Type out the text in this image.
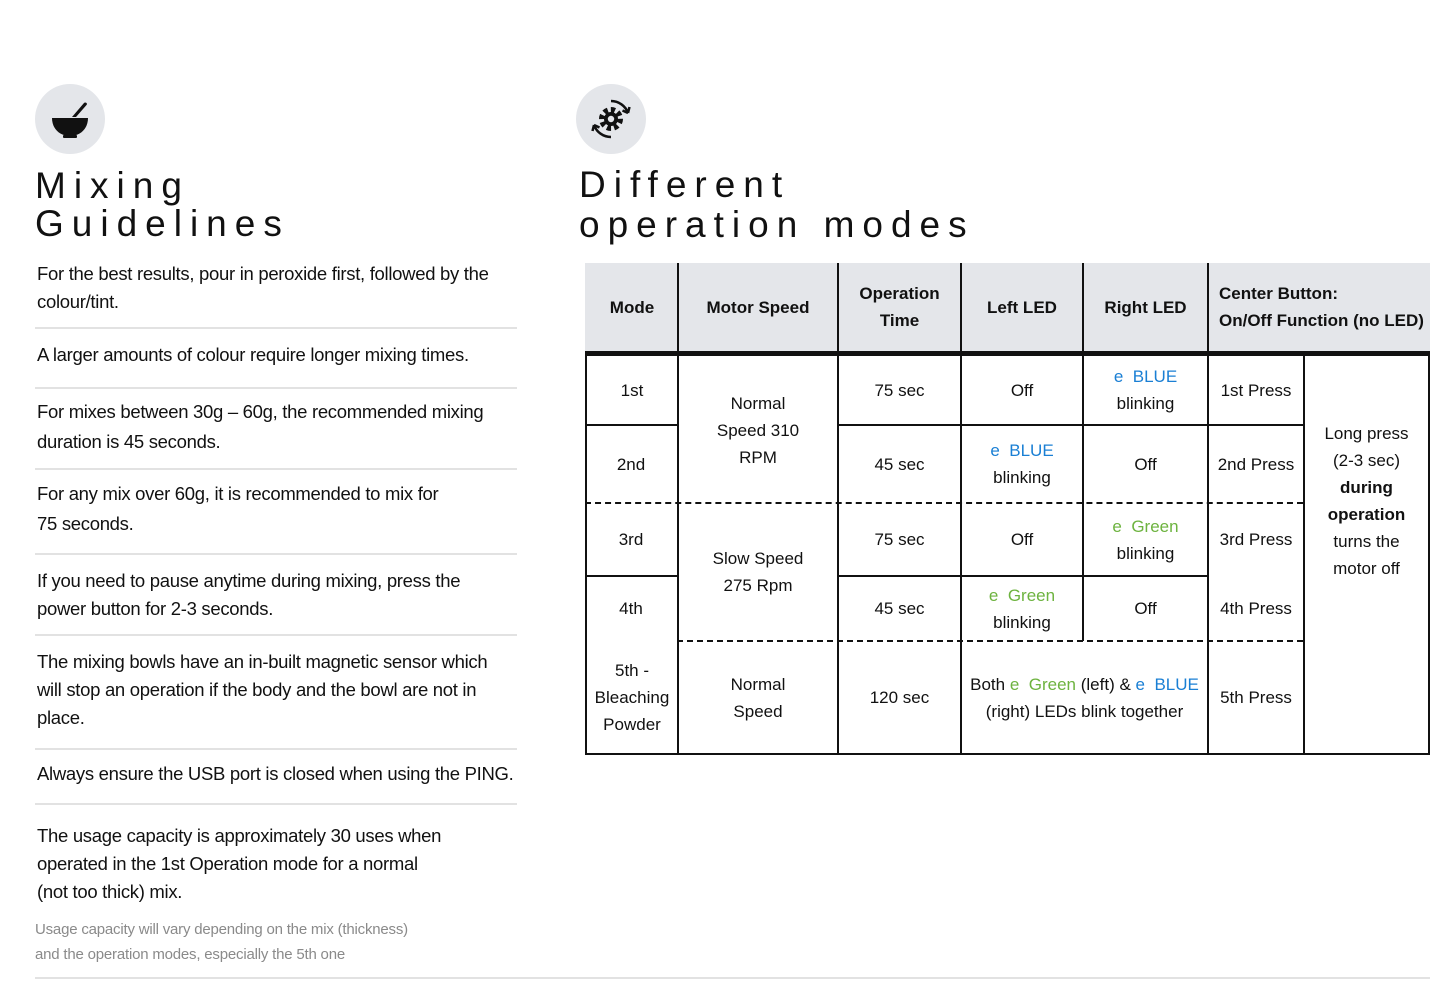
Mixing
Guidelines
For the best results, pour in peroxide first, followed by the
colour/tint.
A larger amounts of colour require longer mixing times.
For mixes between 30g – 60g, the recommended mixing
duration is 45 seconds.
For any mix over 60g, it is recommended to mix for
75 seconds.
If you need to pause anytime during mixing, press the
power button for 2-3 seconds.
The mixing bowls have an in-built magnetic sensor which
will stop an operation if the body and the bowl are not in
place.
Always ensure the USB port is closed when using the PING.
The usage capacity is approximately 30 uses when
operated in the 1st Operation mode for a normal
(not too thick) mix.
Usage capacity will vary depending on the mix (thickness)
and the operation modes, especially the 5th one
Different
operation modes
Mode	Motor Speed
Operation
Time
Left LED	Right LED
Center Button:
On/Off Function (no LED)
1st
2nd
3rd
4th
5th -
Bleaching
Powder
Normal
Speed 310
RPM
Slow Speed
275 Rpm
Normal
Speed
75 sec
45 sec
75 sec
45 sec
120 sec
Off
e BLUE
blinking
Off
e Green
blinking
e BLUE
blinking
Off
e Green
blinking
Off
Both e Green (left) & e BLUE
(right) LEDs blink together
1st Press
2nd Press
3rd Press
4th Press
5th Press
Long press
(2-3 sec)
during
operation
turns the
motor off
